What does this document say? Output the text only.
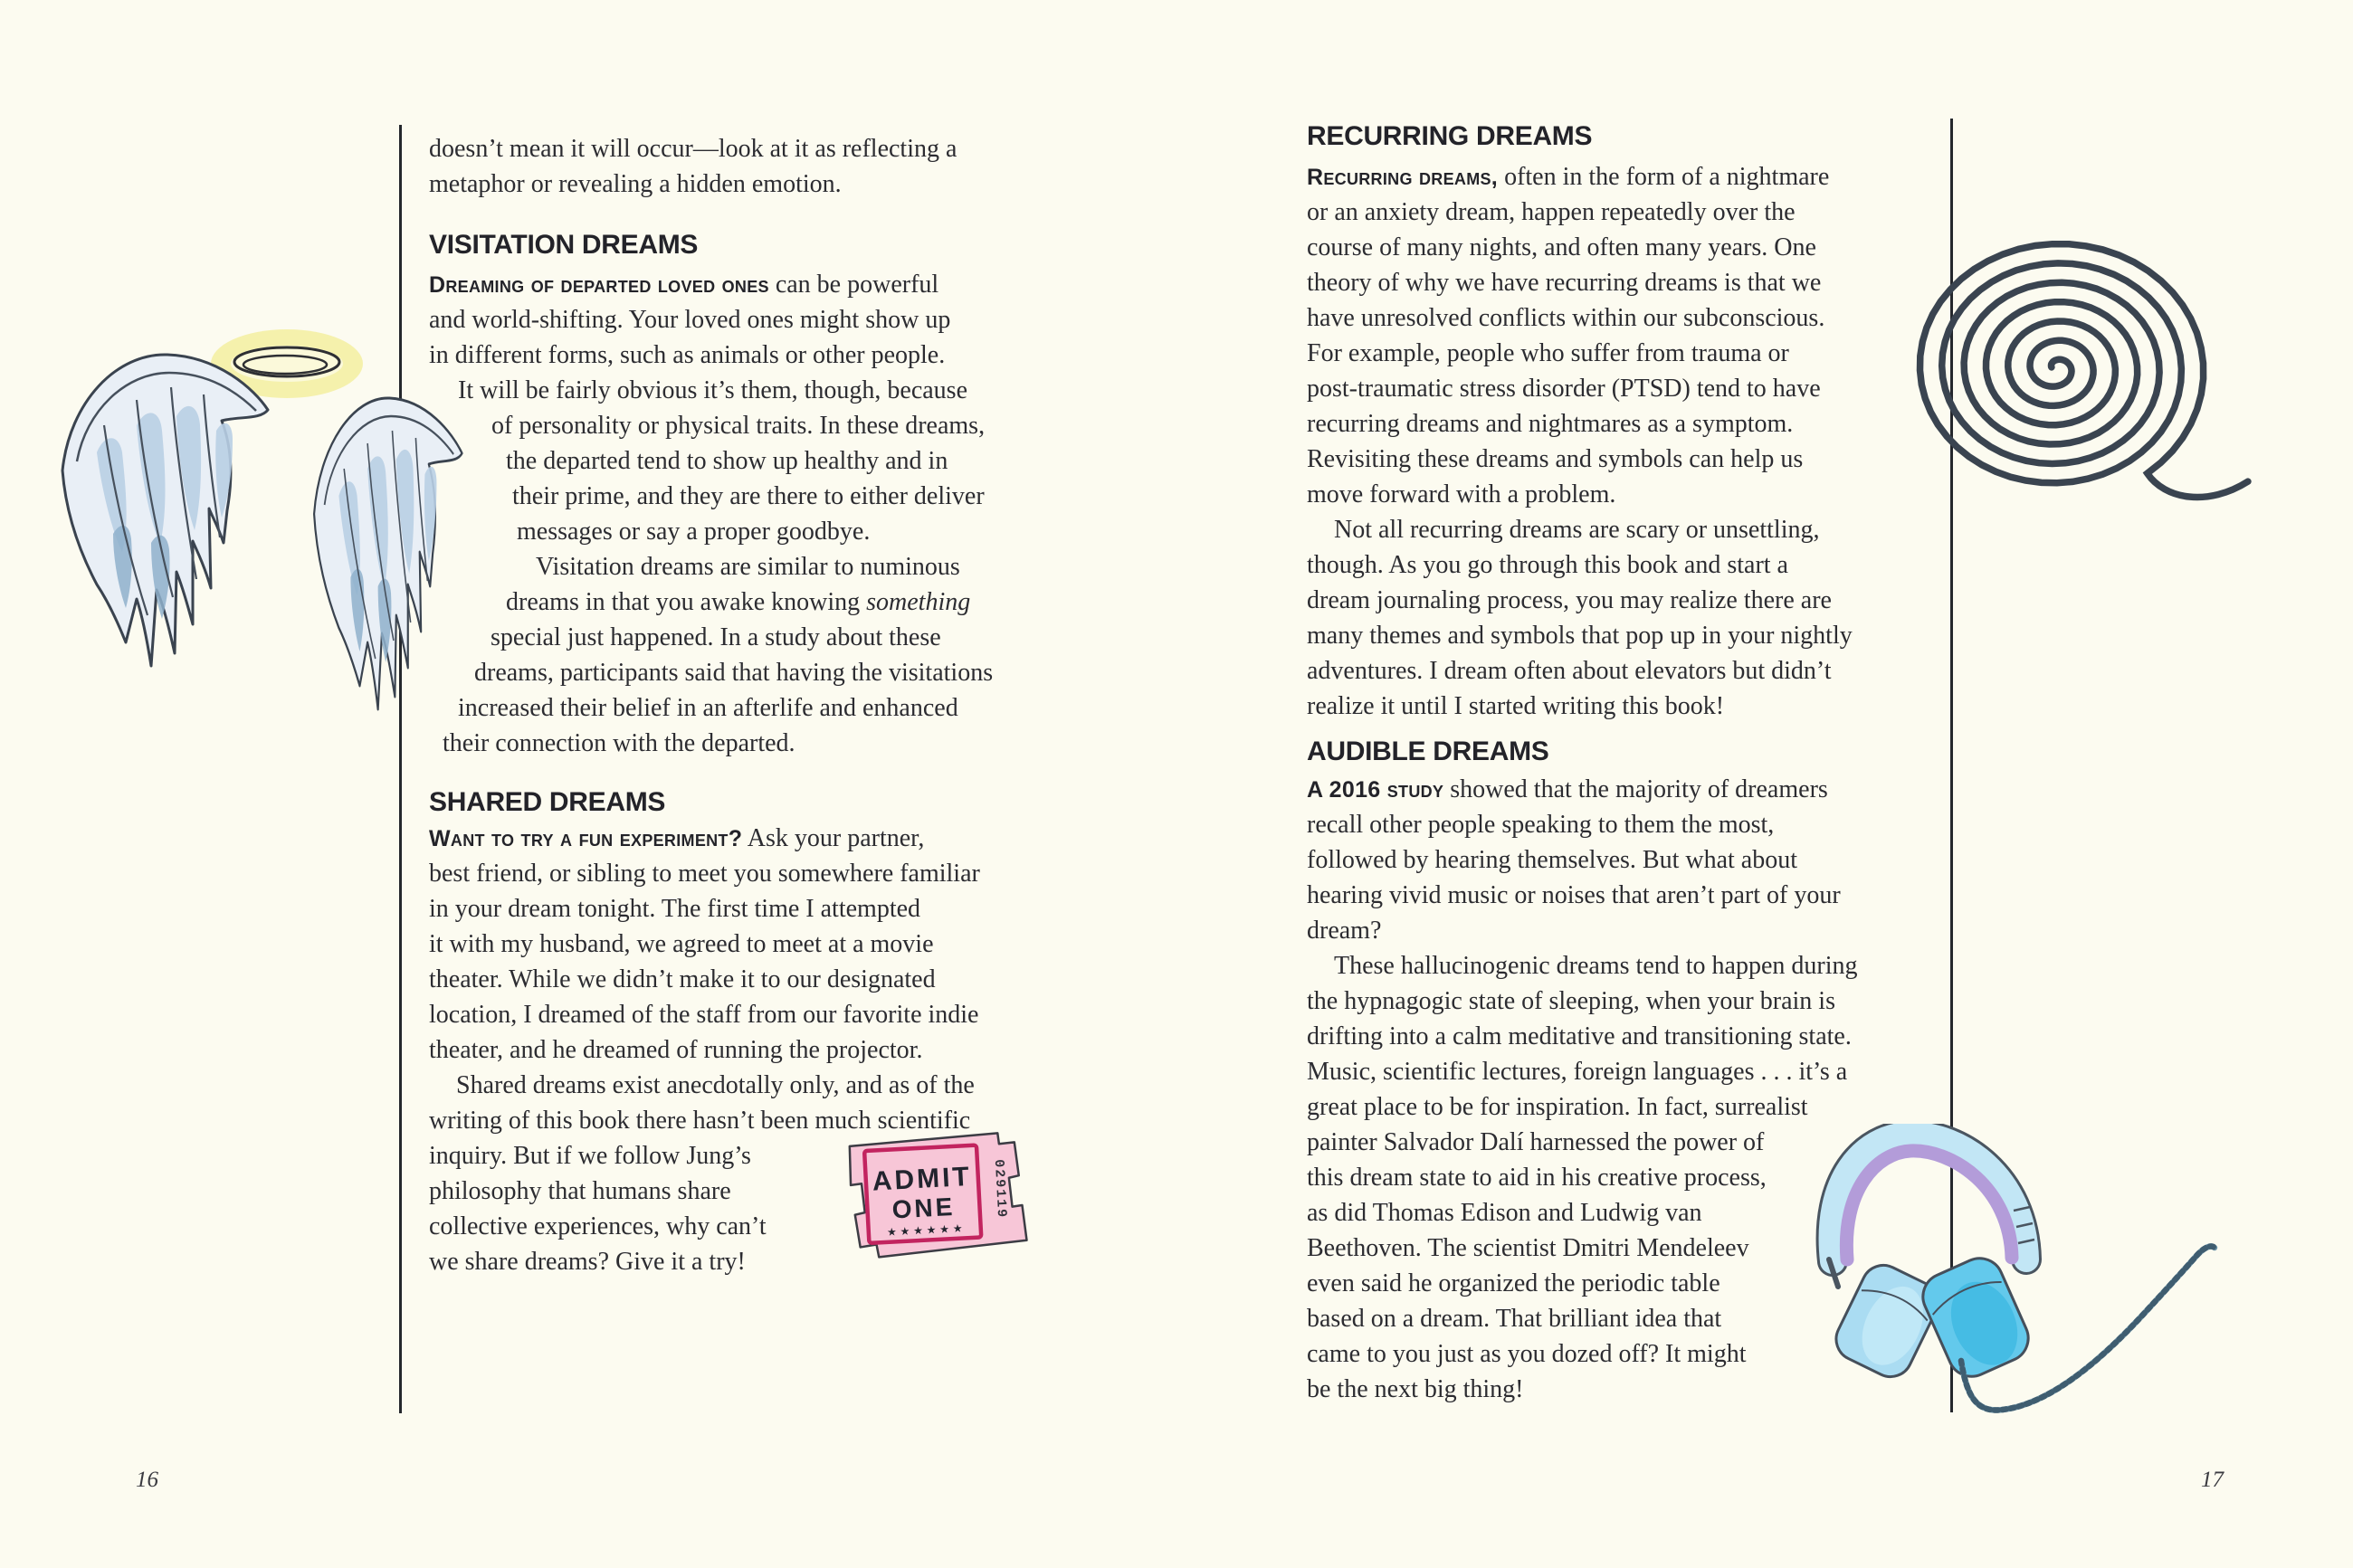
ADMIT
ONE
★ ★ ★ ★ ★ ★
029119
doesn’t mean it will occur—look at it as reflecting a
metaphor or revealing a hidden emotion.
VISITATION DREAMS
Dreaming of departed loved ones can be powerful
and world-shifting. Your loved ones might show up
in different forms, such as animals or other people.
It will be fairly obvious it’s them, though, because
of personality or physical traits. In these dreams,
the departed tend to show up healthy and in
their prime, and they are there to either deliver
messages or say a proper goodbye.
Visitation dreams are similar to numinous
dreams in that you awake knowing something
special just happened. In a study about these
dreams, participants said that having the visitations
increased their belief in an afterlife and enhanced
their connection with the departed.
SHARED DREAMS
Want to try a fun experiment? Ask your partner,
best friend, or sibling to meet you somewhere familiar
in your dream tonight. The first time I attempted
it with my husband, we agreed to meet at a movie
theater. While we didn’t make it to our designated
location, I dreamed of the staff from our favorite indie
theater, and he dreamed of running the projector.
Shared dreams exist anecdotally only, and as of the
writing of this book there hasn’t been much scientific
inquiry. But if we follow Jung’s
philosophy that humans share
collective experiences, why can’t
we share dreams? Give it a try!
RECURRING DREAMS
Recurring dreams, often in the form of a nightmare
or an anxiety dream, happen repeatedly over the
course of many nights, and often many years. One
theory of why we have recurring dreams is that we
have unresolved conflicts within our subconscious.
For example, people who suffer from trauma or
post-traumatic stress disorder (PTSD) tend to have
recurring dreams and nightmares as a symptom.
Revisiting these dreams and symbols can help us
move forward with a problem.
Not all recurring dreams are scary or unsettling,
though. As you go through this book and start a
dream journaling process, you may realize there are
many themes and symbols that pop up in your nightly
adventures. I dream often about elevators but didn’t
realize it until I started writing this book!
AUDIBLE DREAMS
A 2016 study showed that the majority of dreamers
recall other people speaking to them the most,
followed by hearing themselves. But what about
hearing vivid music or noises that aren’t part of your
dream?
These hallucinogenic dreams tend to happen during
the hypnagogic state of sleeping, when your brain is
drifting into a calm meditative and transitioning state.
Music, scientific lectures, foreign languages . . . it’s a
great place to be for inspiration. In fact, surrealist
painter Salvador Dalí harnessed the power of
this dream state to aid in his creative process,
as did Thomas Edison and Ludwig van
Beethoven. The scientist Dmitri Mendeleev
even said he organized the periodic table
based on a dream. That brilliant idea that
came to you just as you dozed off? It might
be the next big thing!
16	17
